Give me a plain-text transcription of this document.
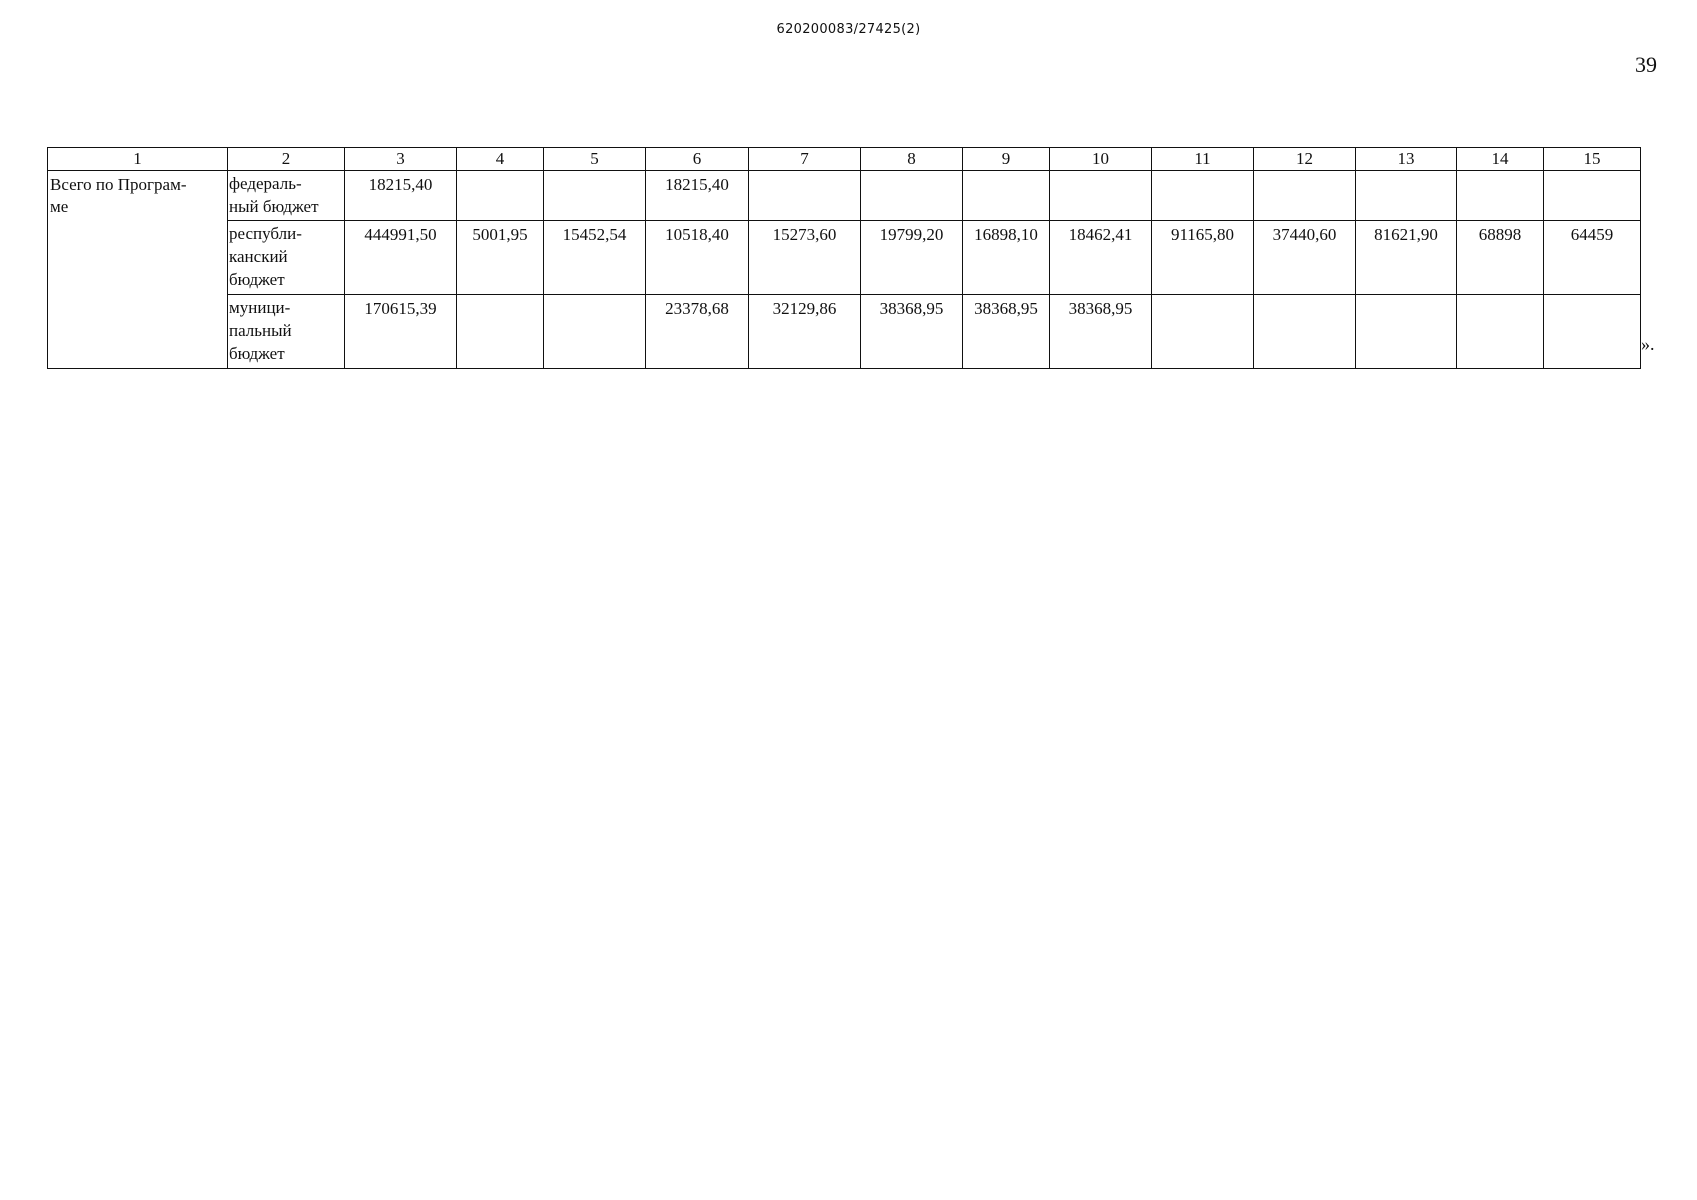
620200083/27425(2)
39
1	2	3	4	5	6	7	8	9	10	11	12	13	14	15
Всего по Програм-
ме	федераль-
ный бюджет	18215,40			18215,40									
	республи-
канский
бюджет	444991,50	5001,95	15452,54	10518,40	15273,60	19799,20	16898,10	18462,41	91165,80	37440,60	81621,90	68898	64459
	муници-
пальный
бюджет	170615,39			23378,68	32129,86	38368,95	38368,95	38368,95					
».
